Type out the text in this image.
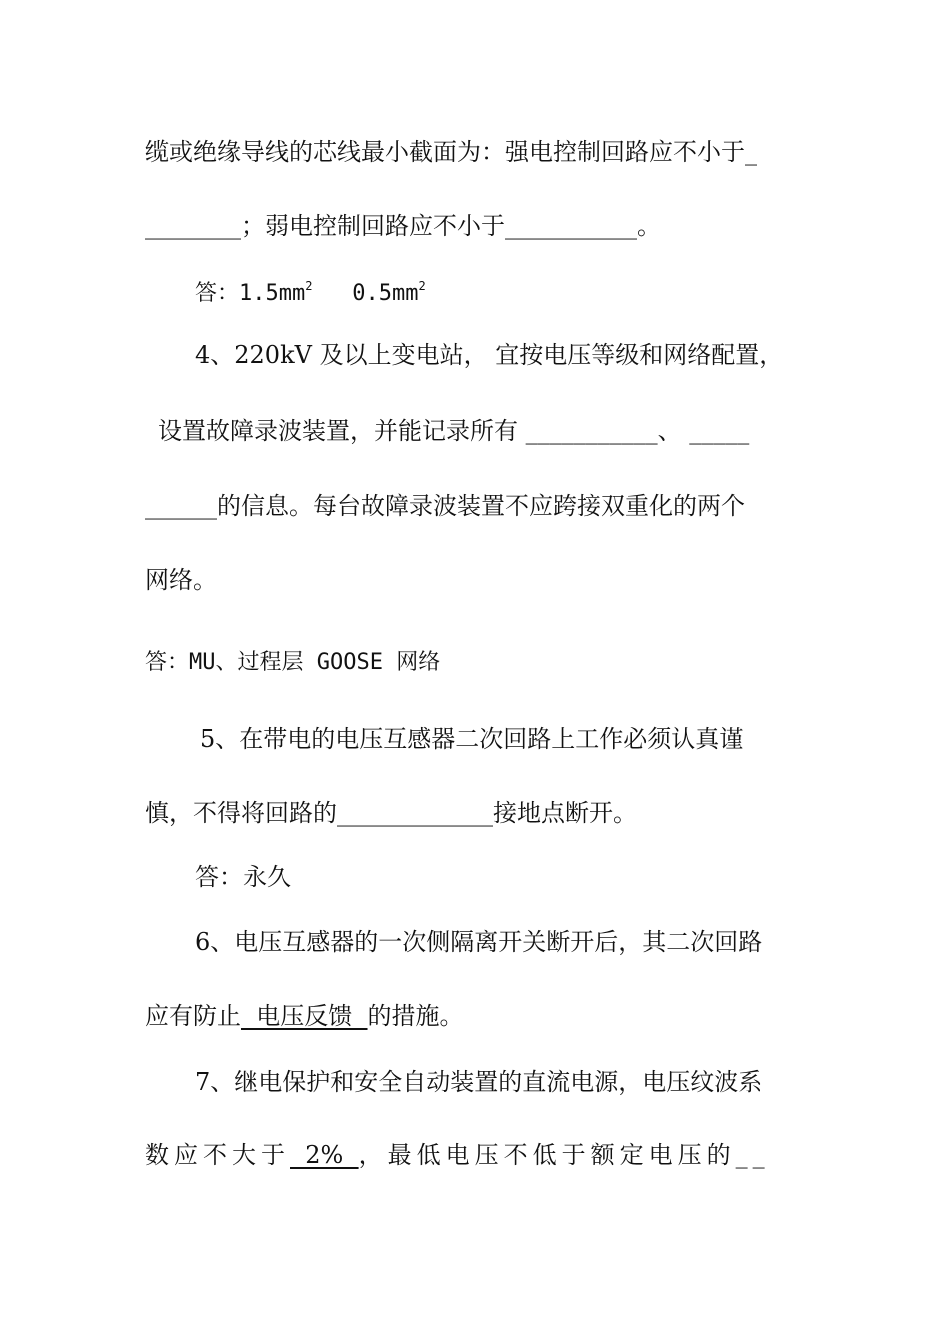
缆或绝缘导线的芯线最小截面为：强电控制回路应不小于_
________；弱电控制回路应不小于___________。
答：$1.5mm^2$ $0.5mm^2$
4、220kV 及以上变电站， 宜按电压等级和网络配置，
设置故障录波装置，并能记录所有 ___________、 _____
______的信息。每台故障录波装置不应跨接双重化的两个
网络。
答：MU、过程层 GOOSE 网络
5、在带电的电压互感器二次回路上工作必须认真谨
慎，不得将回路的_____________接地点断开。
答：永久
6、电压互感器的一次侧隔离开关断开后，其二次回路
应有防止  电压反馈  的措施。
7、继电保护和安全自动装置的直流电源，电压纹波系
数应不大于  2%  ，最低电压不低于额定电压的__
